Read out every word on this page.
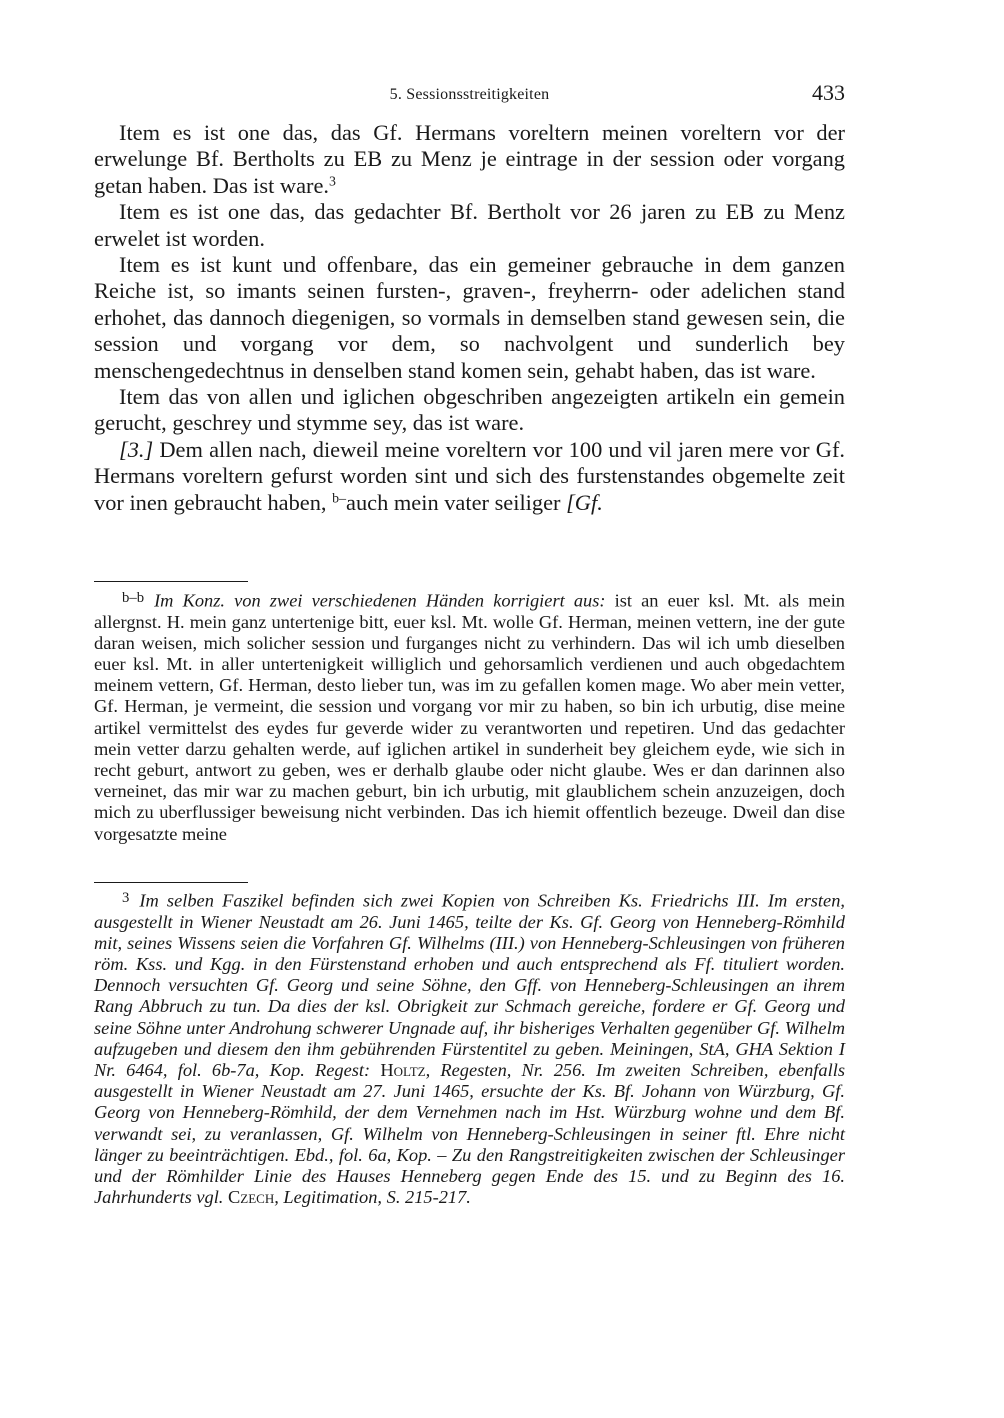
5. Sessionsstreitigkeiten	433

Item es ist one das, das Gf. Hermans voreltern meinen voreltern vor der erwelunge Bf. Bertholts zu EB zu Menz je eintrage in der session oder vorgang getan haben. Das ist ware.$^3$

Item es ist one das, das gedachter Bf. Bertholt vor 26 jaren zu EB zu Menz erwelet ist worden.

Item es ist kunt und offenbare, das ein gemeiner gebrauche in dem ganzen Reiche ist, so imants seinen fursten-, graven-, freyherrn- oder adelichen stand erhohet, das dannoch diegenigen, so vormals in demselben stand gewesen sein, die session und vorgang vor dem, so nachvolgent und sunderlich bey menschengedechtnus in denselben stand komen sein, gehabt haben, das ist ware.

Item das von allen und iglichen obgeschriben angezeigten artikeln ein gemein gerucht, geschrey und stymme sey, das ist ware.

[3.] Dem allen nach, dieweil meine voreltern vor 100 und vil jaren mere vor Gf. Hermans voreltern gefurst worden sint und sich des furstenstandes obgemelte zeit vor inen gebraucht haben, $^{b-}$auch mein vater seiliger [Gf.

$^{b-b}$ Im Konz. von zwei verschiedenen Händen korrigiert aus: ist an euer ksl. Mt. als mein allergnst. H. mein ganz untertenige bitt, euer ksl. Mt. wolle Gf. Herman, meinen vettern, ine der gute daran weisen, mich solicher session und furganges nicht zu verhindern. Das wil ich umb dieselben euer ksl. Mt. in aller untertenigkeit williglich und gehorsamlich verdienen und auch obgedachtem meinem vettern, Gf. Herman, desto lieber tun, was im zu gefallen komen mage. Wo aber mein vetter, Gf. Herman, je vermeint, die session und vorgang vor mir zu haben, so bin ich urbutig, dise meine artikel vermittelst des eydes fur geverde wider zu verantworten und repetiren. Und das gedachter mein vetter darzu gehalten werde, auf iglichen artikel in sunderheit bey gleichem eyde, wie sich in recht geburt, antwort zu geben, wes er derhalb glaube oder nicht glaube. Wes er dan darinnen also verneinet, das mir war zu machen geburt, bin ich urbutig, mit glaublichem schein anzuzeigen, doch mich zu uberflussiger beweisung nicht verbinden. Das ich hiemit offentlich bezeuge. Dweil dan dise vorgesatzte meine

$^3$ Im selben Faszikel befinden sich zwei Kopien von Schreiben Ks. Friedrichs III. Im ersten, ausgestellt in Wiener Neustadt am 26. Juni 1465, teilte der Ks. Gf. Georg von Henneberg-Römhild mit, seines Wissens seien die Vorfahren Gf. Wilhelms (III.) von Henneberg-Schleusingen von früheren röm. Kss. und Kgg. in den Fürstenstand erhoben und auch entsprechend als Ff. tituliert worden. Dennoch versuchten Gf. Georg und seine Söhne, den Gff. von Henneberg-Schleusingen an ihrem Rang Abbruch zu tun. Da dies der ksl. Obrigkeit zur Schmach gereiche, fordere er Gf. Georg und seine Söhne unter Androhung schwerer Ungnade auf, ihr bisheriges Verhalten gegenüber Gf. Wilhelm aufzugeben und diesem den ihm gebührenden Fürstentitel zu geben. Meiningen, StA, GHA Sektion I Nr. 6464, fol. 6b-7a, Kop. Regest: Holtz, Regesten, Nr. 256. Im zweiten Schreiben, ebenfalls ausgestellt in Wiener Neustadt am 27. Juni 1465, ersuchte der Ks. Bf. Johann von Würzburg, Gf. Georg von Henneberg-Römhild, der dem Vernehmen nach im Hst. Würzburg wohne und dem Bf. verwandt sei, zu veranlassen, Gf. Wilhelm von Henneberg-Schleusingen in seiner ftl. Ehre nicht länger zu beeinträchtigen. Ebd., fol. 6a, Kop. – Zu den Rangstreitigkeiten zwischen der Schleusinger und der Römhilder Linie des Hauses Henneberg gegen Ende des 15. und zu Beginn des 16. Jahrhunderts vgl. Czech, Legitimation, S. 215-217.
